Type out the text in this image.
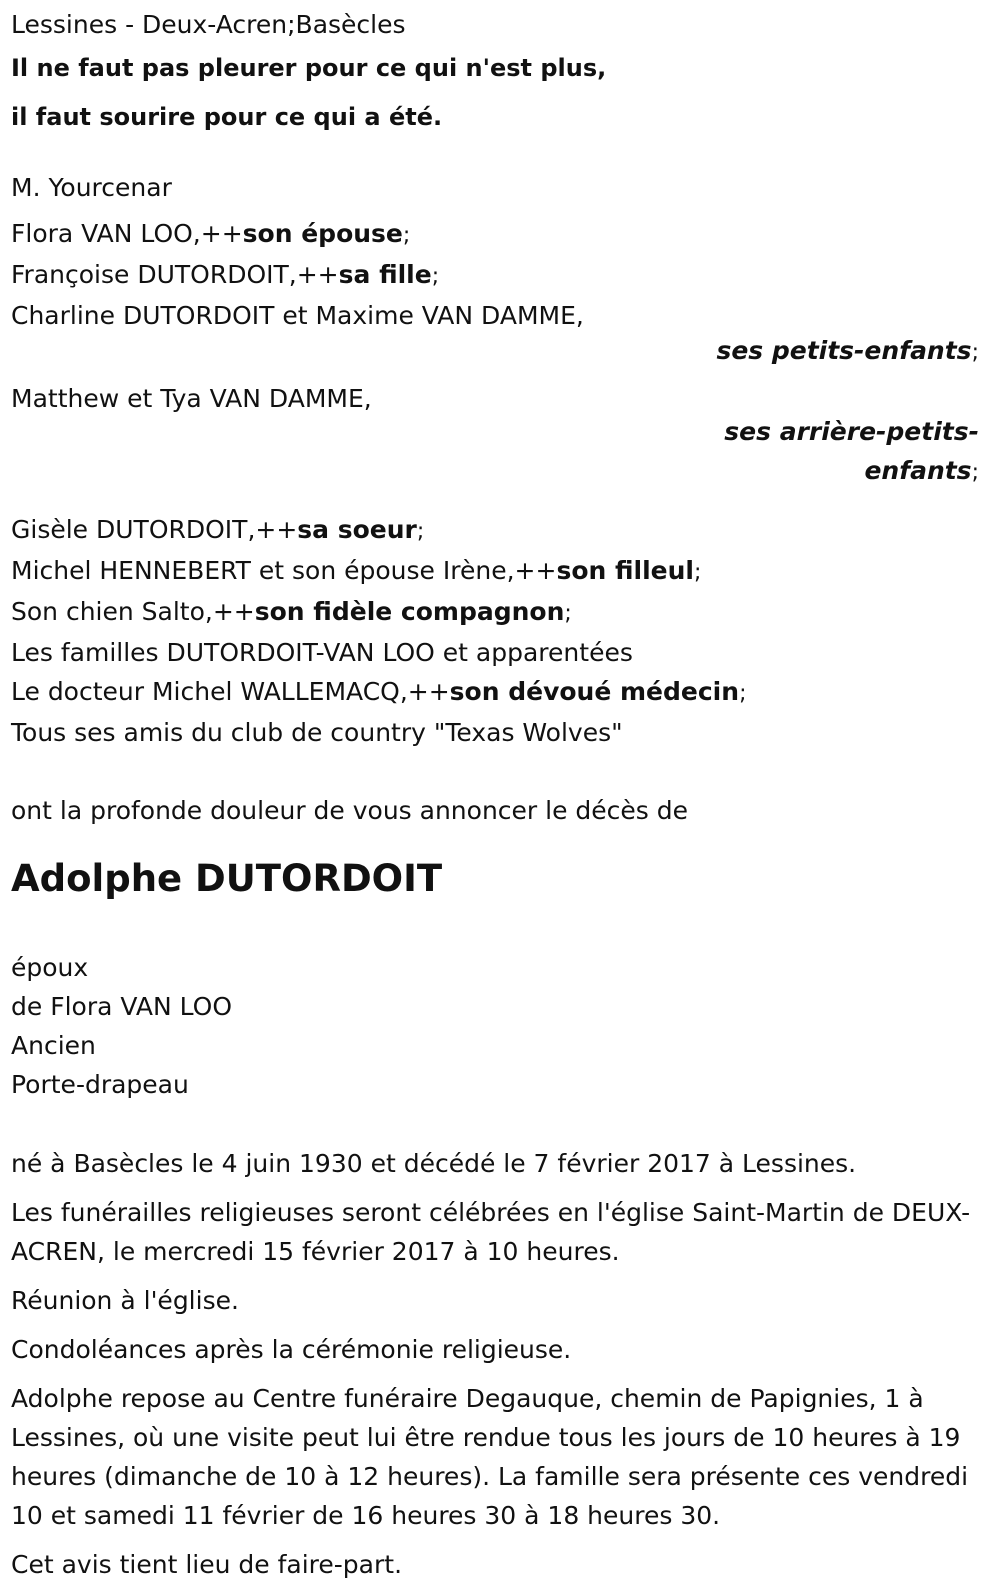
Lessines - Deux-Acren;Basècles
Il ne faut pas pleurer pour ce qui n'est plus,
il faut sourire pour ce qui a été.
M. Yourcenar
Flora VAN LOO,++son épouse;
Françoise DUTORDOIT,++sa fille;
Charline DUTORDOIT et Maxime VAN DAMME,
ses petits-enfants;
Matthew et Tya VAN DAMME,
ses arrière-petits-enfants;
Gisèle DUTORDOIT,++sa soeur;
Michel HENNEBERT et son épouse Irène,++son filleul;
Son chien Salto,++son fidèle compagnon;
Les familles DUTORDOIT-VAN LOO et apparentées
Le docteur Michel WALLEMACQ,++son dévoué médecin;
Tous ses amis du club de country "Texas Wolves"
ont la profonde douleur de vous annoncer le décès de
Adolphe DUTORDOIT
époux
de Flora VAN LOO
Ancien
Porte-drapeau
né à Basècles le 4 juin 1930 et décédé le 7 février 2017 à Lessines.
Les funérailles religieuses seront célébrées en l'église Saint-Martin de DEUX-ACREN, le mercredi 15 février 2017 à 10 heures.
Réunion à l'église.
Condoléances après la cérémonie religieuse.
Adolphe repose au Centre funéraire Degauque, chemin de Papignies, 1 à Lessines, où une visite peut lui être rendue tous les jours de 10 heures à 19 heures (dimanche de 10 à 12 heures). La famille sera présente ces vendredi 10 et samedi 11 février de 16 heures 30 à 18 heures 30.
Cet avis tient lieu de faire-part.
